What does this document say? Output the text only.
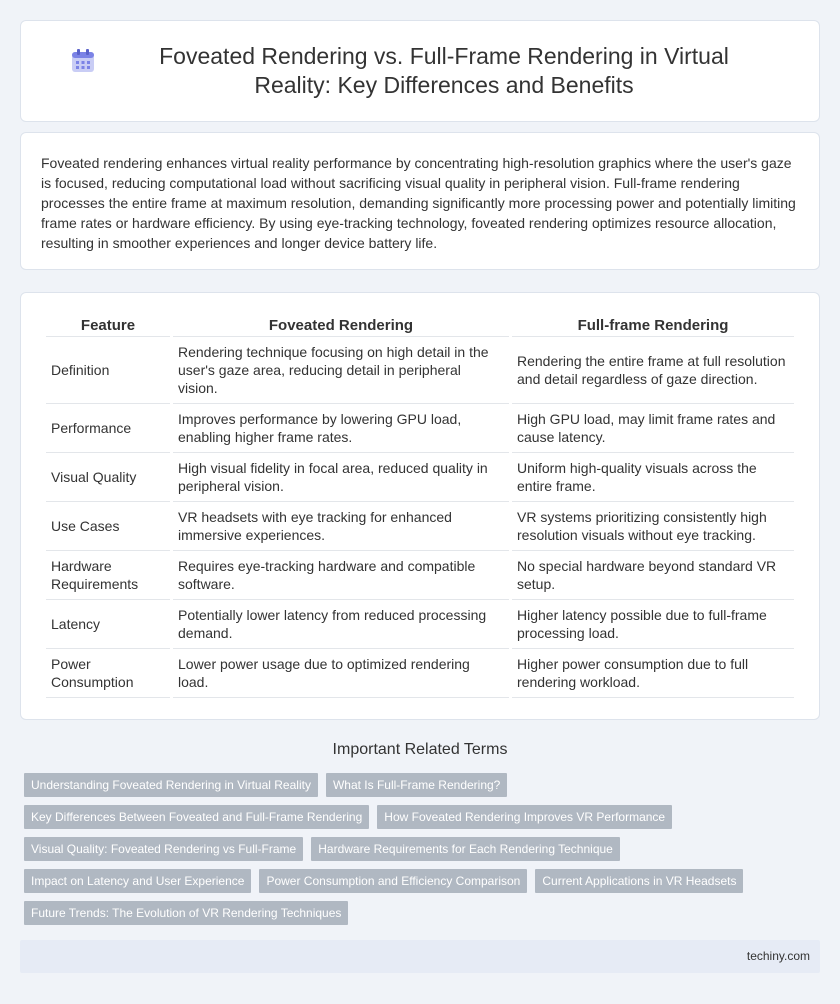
Foveated Rendering vs. Full-Frame Rendering in Virtual Reality: Key Differences and Benefits

Foveated rendering enhances virtual reality performance by concentrating high-resolution graphics where the user's gaze is focused, reducing computational load without sacrificing visual quality in peripheral vision. Full-frame rendering processes the entire frame at maximum resolution, demanding significantly more processing power and potentially limiting frame rates or hardware efficiency. By using eye-tracking technology, foveated rendering optimizes resource allocation, resulting in smoother experiences and longer device battery life.

Feature	Foveated Rendering	Full-frame Rendering
Definition	Rendering technique focusing on high detail in the user's gaze area, reducing detail in peripheral vision.	Rendering the entire frame at full resolution and detail regardless of gaze direction.
Performance	Improves performance by lowering GPU load, enabling higher frame rates.	High GPU load, may limit frame rates and cause latency.
Visual Quality	High visual fidelity in focal area, reduced quality in peripheral vision.	Uniform high-quality visuals across the entire frame.
Use Cases	VR headsets with eye tracking for enhanced immersive experiences.	VR systems prioritizing consistently high resolution visuals without eye tracking.
Hardware Requirements	Requires eye-tracking hardware and compatible software.	No special hardware beyond standard VR setup.
Latency	Potentially lower latency from reduced processing demand.	Higher latency possible due to full-frame processing load.
Power Consumption	Lower power usage due to optimized rendering load.	Higher power consumption due to full rendering workload.
Important Related Terms
Understanding Foveated Rendering in Virtual Reality	What Is Full-Frame Rendering?
Key Differences Between Foveated and Full-Frame Rendering	How Foveated Rendering Improves VR Performance
Visual Quality: Foveated Rendering vs Full-Frame	Hardware Requirements for Each Rendering Technique
Impact on Latency and User Experience	Power Consumption and Efficiency Comparison	Current Applications in VR Headsets
Future Trends: The Evolution of VR Rendering Techniques
techiny.com
